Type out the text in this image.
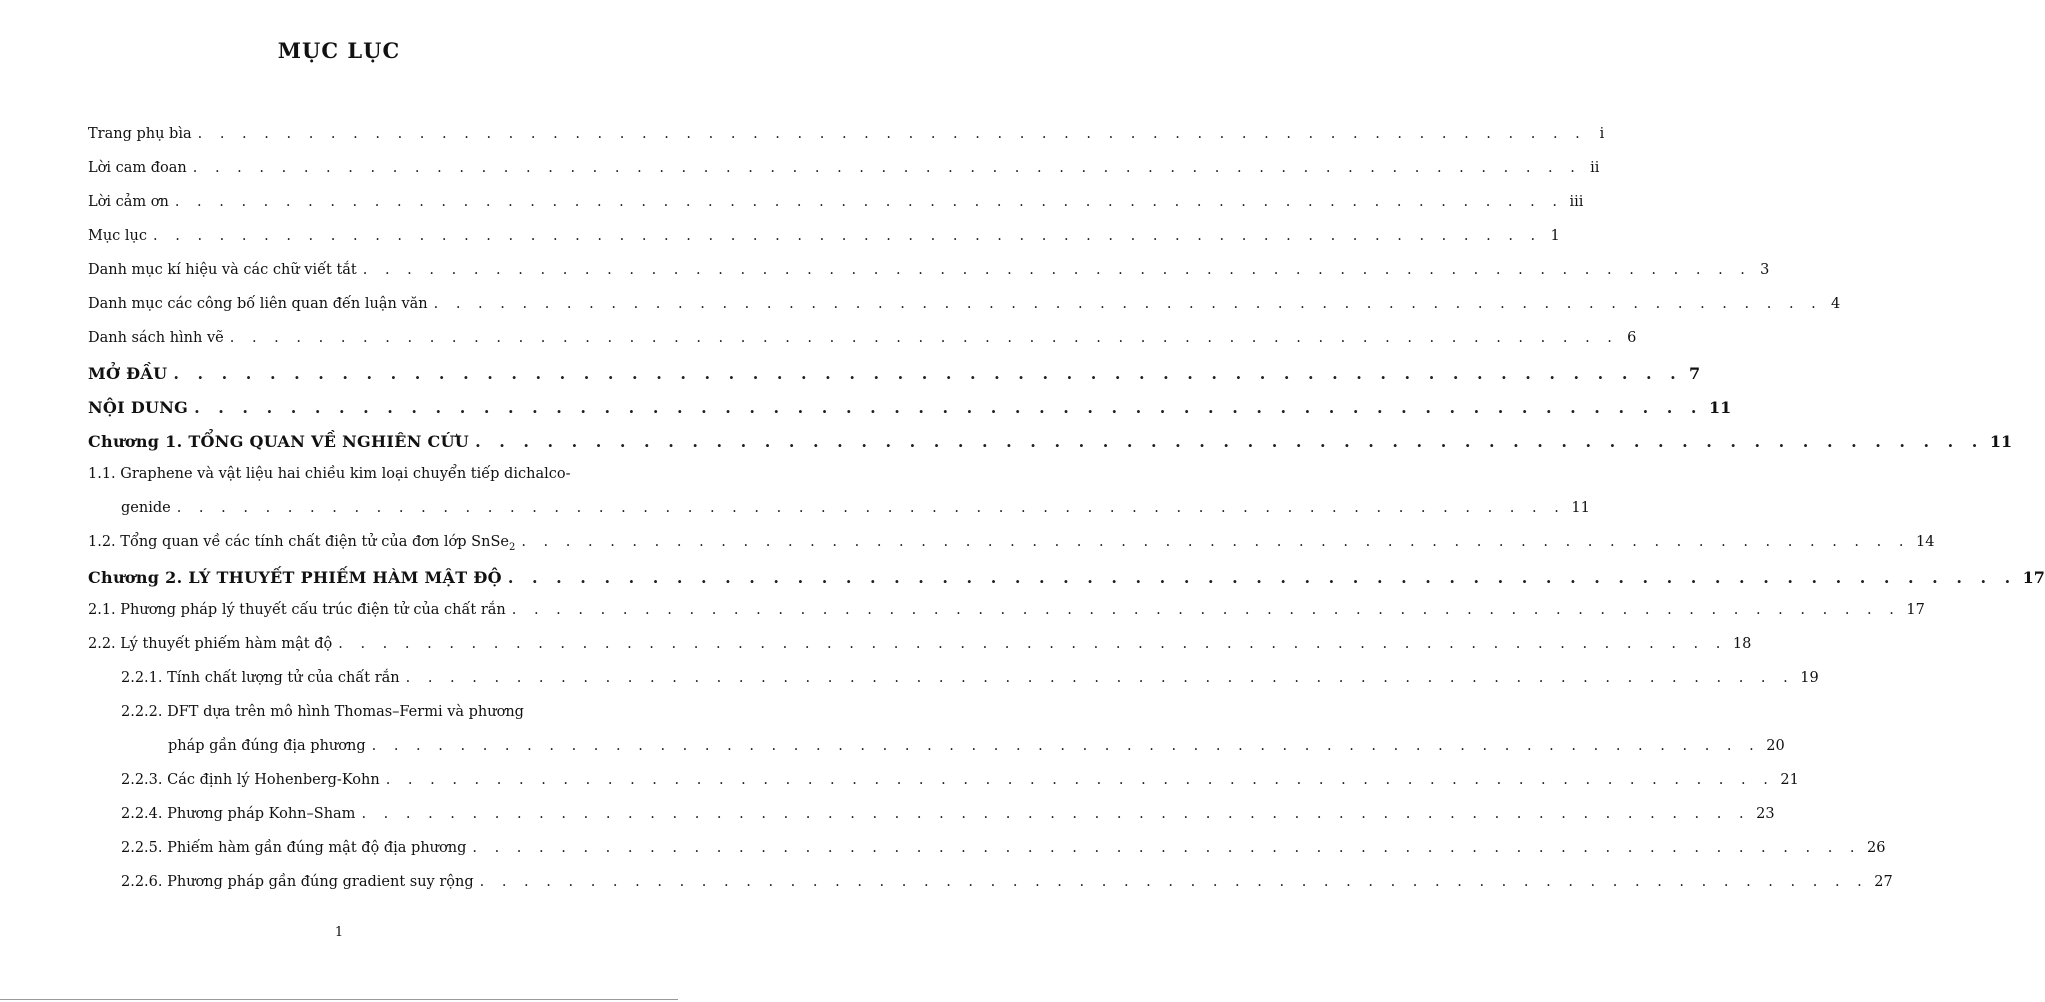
MỤC LỤC
Trang phụ bìa . . . . . . . . . . . . . . . . . . . . . . . . . . . . . . . . . . . . . . . . . . . . . . . . . . . . . . . . . . . . . . . i
Lời cam đoan . . . . . . . . . . . . . . . . . . . . . . . . . . . . . . . . . . . . . . . . . . . . . . . . . . . . . . . . . . . . . . . ii
Lời cảm ơn . . . . . . . . . . . . . . . . . . . . . . . . . . . . . . . . . . . . . . . . . . . . . . . . . . . . . . . . . . . . . . . iii
Mục lục . . . . . . . . . . . . . . . . . . . . . . . . . . . . . . . . . . . . . . . . . . . . . . . . . . . . . . . . . . . . . . . 1
Danh mục kí hiệu và các chữ viết tắt . . . . . . . . . . . . . . . . . . . . . . . . . . . . . . . . . . . . . . . . . . . . . . . . . . . . . . . . . . . . . . . 3
Danh mục các công bố liên quan đến luận văn . . . . . . . . . . . . . . . . . . . . . . . . . . . . . . . . . . . . . . . . . . . . . . . . . . . . . . . . . . . . . . . 4
Danh sách hình vẽ . . . . . . . . . . . . . . . . . . . . . . . . . . . . . . . . . . . . . . . . . . . . . . . . . . . . . . . . . . . . . . . 6
MỞ ĐẦU . . . . . . . . . . . . . . . . . . . . . . . . . . . . . . . . . . . . . . . . . . . . . . . . . . . . . . . . . . . . . . . 7
NỘI DUNG . . . . . . . . . . . . . . . . . . . . . . . . . . . . . . . . . . . . . . . . . . . . . . . . . . . . . . . . . . . . . . . 11
Chương 1. TỔNG QUAN VỀ NGHIÊN CỨU . . . . . . . . . . . . . . . . . . . . . . . . . . . . . . . . . . . . . . . . . . . . . . . . . . . . . . . . . . . . . . . 11
1.1. Graphene và vật liệu hai chiều kim loại chuyển tiếp dichalco-
genide . . . . . . . . . . . . . . . . . . . . . . . . . . . . . . . . . . . . . . . . . . . . . . . . . . . . . . . . . . . . . . . 11
1.2. Tổng quan về các tính chất điện tử của đơn lớp SnSe$_2$ . . . . . . . . . . . . . . . . . . . . . . . . . . . . . . . . . . . . . . . . . . . . . . . . . . . . . . . . . . . . . . . 14
Chương 2. LÝ THUYẾT PHIẾM HÀM MẬT ĐỘ . . . . . . . . . . . . . . . . . . . . . . . . . . . . . . . . . . . . . . . . . . . . . . . . . . . . . . . . . . . . . . . 17
2.1. Phương pháp lý thuyết cấu trúc điện tử của chất rắn . . . . . . . . . . . . . . . . . . . . . . . . . . . . . . . . . . . . . . . . . . . . . . . . . . . . . . . . . . . . . . . 17
2.2. Lý thuyết phiếm hàm mật độ . . . . . . . . . . . . . . . . . . . . . . . . . . . . . . . . . . . . . . . . . . . . . . . . . . . . . . . . . . . . . . . 18
2.2.1. Tính chất lượng tử của chất rắn . . . . . . . . . . . . . . . . . . . . . . . . . . . . . . . . . . . . . . . . . . . . . . . . . . . . . . . . . . . . . . . 19
2.2.2. DFT dựa trên mô hình Thomas–Fermi và phương
pháp gần đúng địa phương . . . . . . . . . . . . . . . . . . . . . . . . . . . . . . . . . . . . . . . . . . . . . . . . . . . . . . . . . . . . . . . 20
2.2.3. Các định lý Hohenberg-Kohn . . . . . . . . . . . . . . . . . . . . . . . . . . . . . . . . . . . . . . . . . . . . . . . . . . . . . . . . . . . . . . . 21
2.2.4. Phương pháp Kohn–Sham . . . . . . . . . . . . . . . . . . . . . . . . . . . . . . . . . . . . . . . . . . . . . . . . . . . . . . . . . . . . . . . 23
2.2.5. Phiếm hàm gần đúng mật độ địa phương . . . . . . . . . . . . . . . . . . . . . . . . . . . . . . . . . . . . . . . . . . . . . . . . . . . . . . . . . . . . . . . 26
2.2.6. Phương pháp gần đúng gradient suy rộng . . . . . . . . . . . . . . . . . . . . . . . . . . . . . . . . . . . . . . . . . . . . . . . . . . . . . . . . . . . . . . . 27
1
